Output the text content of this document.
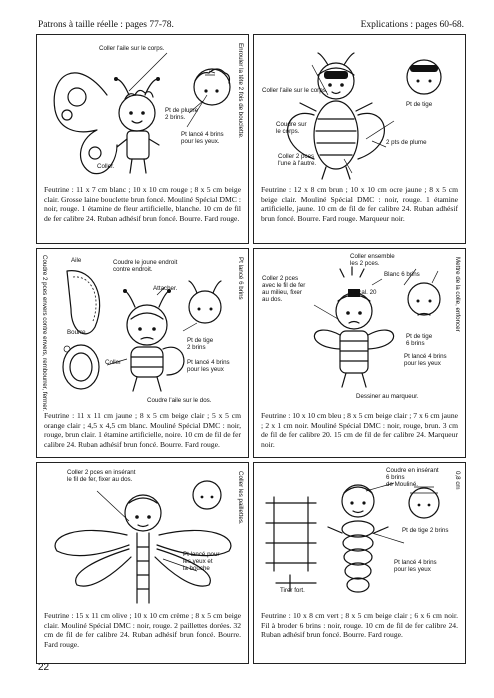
Patrons à taille réelle : pages 77-78.	Explications : pages 60-68.
Coller l'aile sur le corps.
Pt de plume
2 brins.
Pt lancé 4 brins
pour les yeux.
Coller.
Enrouler la tête 2 fois de bouclette.
Feutrine : 11 x 7 cm blanc ; 10 x 10 cm rouge ; 8 x 5 cm beige clair. Grosse laine bouclette brun foncé. Mouliné Spécial DMC : noir, rouge. 1 étamine de fleur artificielle, blanche. 10 cm de fil de fer calibre 24. Ruban adhésif brun foncé. Bourre. Fard rouge.
Coller l'aile sur le corps.
Pt de tige
Coudre sur
le corps.
2 pts de plume
Coller 2 pces
l'une à l'autre.
Feutrine : 12 x 8 cm brun ; 10 x 10 cm ocre jaune ; 8 x 5 cm beige clair. Mouliné Spécial DMC : noir, rouge. 1 étamine artificielle, jaune. 10 cm de fil de fer calibre 24. Ruban adhésif brun foncé. Bourre. Fard rouge. Marqueur noir.
Aile	Coudre le joune endroit
contre endroit.
Attacher.
Coudre 2 pces envers contre envers, rembourrer, fermer.	Bourre
Coller
Pt de tige
2 brins
Pt lancé 4 brins
pour les yeux
Coudre l'aile sur le dos.
Pt lancé 6 brins
Feutrine : 11 x 11 cm jaune ; 8 x 5 cm beige clair ; 5 x 5 cm orange clair ; 4,5 x 4,5 cm blanc. Mouliné Spécial DMC : noir, rouge, brun clair. 1 étamine artificielle, noire. 10 cm de fil de fer calibre 24. Ruban adhésif brun foncé. Bourre. Fard rouge.
Coller ensemble
les 2 pces.
Coller 2 pces
avec le fil de fer
au milieu, fixer
au dos.
Fil cal. 20
Blanc 6 brins
Pt de tige
6 brins
Pt lancé 4 brins
pour les yeux
Dessiner au marqueur.
Mettre de la colle, enfoncer
Feutrine : 10 x 10 cm bleu ; 8 x 5 cm beige clair ; 7 x 6 cm jaune ; 2 x 1 cm noir. Mouliné Spécial DMC : noir, rouge, brun. 3 cm de fil de fer calibre 20. 15 cm de fil de fer calibre 24. Marqueur noir.
Coller 2 pces en insérant
le fil de fer, fixer au dos.	Coller les paillettes.
Pt lancé pour
les yeux et
la bouche
Feutrine : 15 x 11 cm olive ; 10 x 10 cm crème ; 8 x 5 cm beige clair. Mouliné Spécial DMC : noir, rouge. 2 paillettes dorées. 32 cm de fil de fer calibre 24. Ruban adhésif brun foncé. Bourre. Fard rouge.
Coudre en insérant
6 brins
de Mouliné.	0,8 cm
Pt de tige 2 brins
Pt lancé 4 brins
pour les yeux
Tirer fort.
Feutrine : 10 x 8 cm vert ; 8 x 5 cm beige clair ; 6 x 6 cm noir. Fil à broder 6 brins : noir, rouge. 10 cm de fil de fer calibre 24. Ruban adhésif brun foncé. Bourre. Fard rouge.
22
